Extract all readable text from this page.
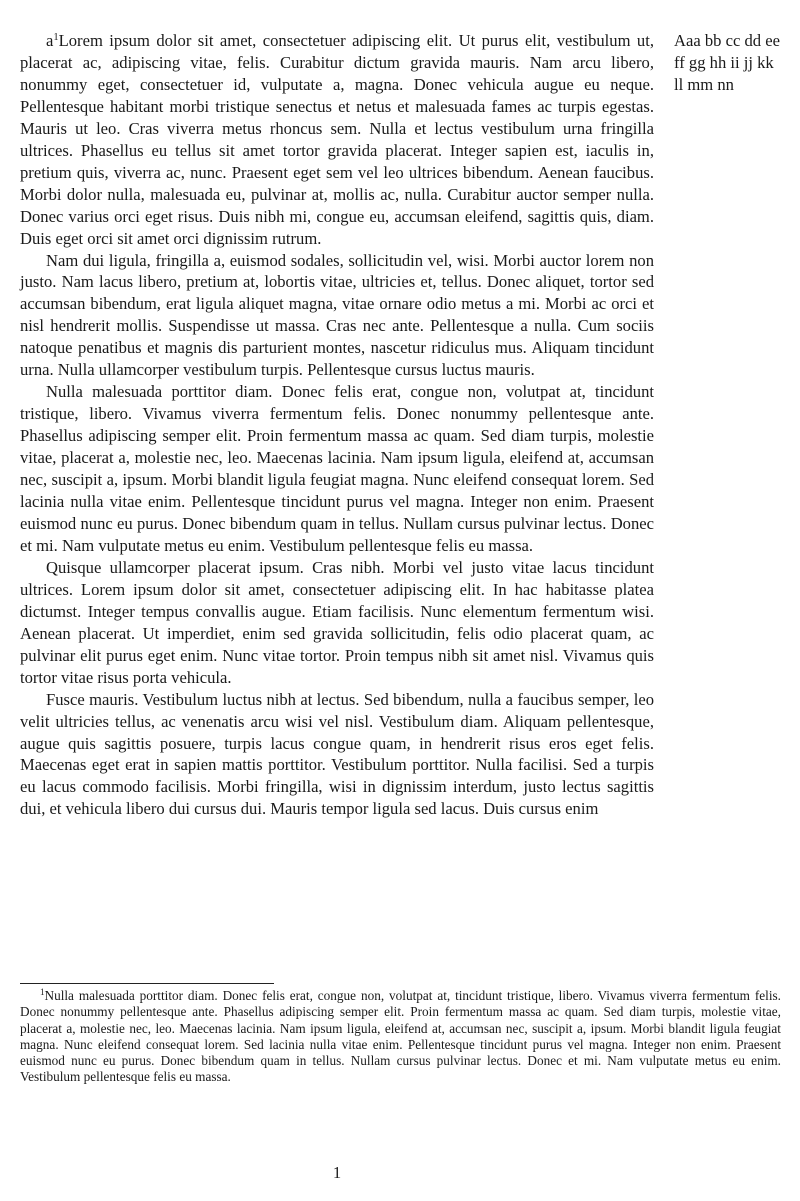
a$^1$Lorem ipsum dolor sit amet, consectetuer adipiscing elit. Ut purus elit, vestibulum ut, placerat ac, adipiscing vitae, felis. Curabitur dictum gravida mauris. Nam arcu libero, nonummy eget, consectetuer id, vulputate a, magna. Donec vehicula augue eu neque. Pellentesque habitant morbi tristique senectus et netus et malesuada fames ac turpis egestas. Mauris ut leo. Cras viverra metus rhoncus sem. Nulla et lectus vestibulum urna fringilla ultrices. Phasellus eu tellus sit amet tortor gravida placerat. Integer sapien est, iaculis in, pretium quis, viverra ac, nunc. Praesent eget sem vel leo ultrices bibendum. Aenean faucibus. Morbi dolor nulla, malesuada eu, pulvinar at, mollis ac, nulla. Curabitur auctor semper nulla. Donec varius orci eget risus. Duis nibh mi, congue eu, accumsan eleifend, sagittis quis, diam. Duis eget orci sit amet orci dignissim rutrum.

Nam dui ligula, fringilla a, euismod sodales, sollicitudin vel, wisi. Morbi auctor lorem non justo. Nam lacus libero, pretium at, lobortis vitae, ultricies et, tellus. Donec aliquet, tortor sed accumsan bibendum, erat ligula aliquet magna, vitae ornare odio metus a mi. Morbi ac orci et nisl hendrerit mollis. Suspendisse ut massa. Cras nec ante. Pellentesque a nulla. Cum sociis natoque penatibus et magnis dis parturient montes, nascetur ridiculus mus. Aliquam tincidunt urna. Nulla ullamcorper vestibulum turpis. Pellentesque cursus luctus mauris.

Nulla malesuada porttitor diam. Donec felis erat, congue non, volutpat at, tincidunt tristique, libero. Vivamus viverra fermentum felis. Donec nonummy pellentesque ante. Phasellus adipiscing semper elit. Proin fermentum massa ac quam. Sed diam turpis, molestie vitae, placerat a, molestie nec, leo. Maecenas lacinia. Nam ipsum ligula, eleifend at, accumsan nec, suscipit a, ipsum. Morbi blandit ligula feugiat magna. Nunc eleifend consequat lorem. Sed lacinia nulla vitae enim. Pellentesque tincidunt purus vel magna. Integer non enim. Praesent euismod nunc eu purus. Donec bibendum quam in tellus. Nullam cursus pulvinar lectus. Donec et mi. Nam vulputate metus eu enim. Vestibulum pellentesque felis eu massa.

Quisque ullamcorper placerat ipsum. Cras nibh. Morbi vel justo vitae lacus tincidunt ultrices. Lorem ipsum dolor sit amet, consectetuer adipiscing elit. In hac habitasse platea dictumst. Integer tempus convallis augue. Etiam facilisis. Nunc elementum fermentum wisi. Aenean placerat. Ut imperdiet, enim sed gravida sollicitudin, felis odio placerat quam, ac pulvinar elit purus eget enim. Nunc vitae tortor. Proin tempus nibh sit amet nisl. Vivamus quis tortor vitae risus porta vehicula.

Fusce mauris. Vestibulum luctus nibh at lectus. Sed bibendum, nulla a faucibus semper, leo velit ultricies tellus, ac venenatis arcu wisi vel nisl. Vestibulum diam. Aliquam pellentesque, augue quis sagittis posuere, turpis lacus congue quam, in hendrerit risus eros eget felis. Maecenas eget erat in sapien mattis porttitor. Vestibulum porttitor. Nulla facilisi. Sed a turpis eu lacus commodo facilisis. Morbi fringilla, wisi in dignissim interdum, justo lectus sagittis dui, et vehicula libero dui cursus dui. Mauris tempor ligula sed lacus. Duis cursus enim

Aaa bb cc dd ee ff gg hh ii jj kk ll mm nn

$^1$Nulla malesuada porttitor diam. Donec felis erat, congue non, volutpat at, tincidunt tristique, libero. Vivamus viverra fermentum felis. Donec nonummy pellentesque ante. Phasellus adipiscing semper elit. Proin fermentum massa ac quam. Sed diam turpis, molestie vitae, placerat a, molestie nec, leo. Maecenas lacinia. Nam ipsum ligula, eleifend at, accumsan nec, suscipit a, ipsum. Morbi blandit ligula feugiat magna. Nunc eleifend consequat lorem. Sed lacinia nulla vitae enim. Pellentesque tincidunt purus vel magna. Integer non enim. Praesent euismod nunc eu purus. Donec bibendum quam in tellus. Nullam cursus pulvinar lectus. Donec et mi. Nam vulputate metus eu enim. Vestibulum pellentesque felis eu massa.

1
